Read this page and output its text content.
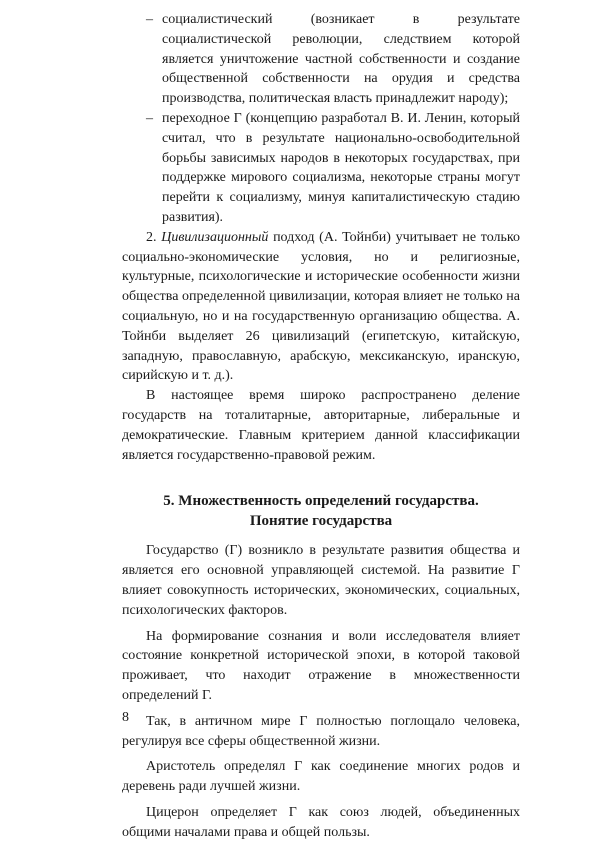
– социалистический (возникает в результате социалистической революции, следствием которой является уничтожение частной собственности и создание общественной собственности на орудия и средства производства, политическая власть принадлежит народу);
– переходное Г (концепцию разработал В. И. Ленин, который считал, что в результате национально-освободительной борьбы зависимых народов в некоторых государствах, при поддержке мирового социализма, некоторые страны могут перейти к социализму, минуя капиталистическую стадию развития).

2. Цивилизационный подход (А. Тойнби) учитывает не только социально-экономические условия, но и религиозные, культурные, психологические и исторические особенности жизни общества определенной цивилизации, которая влияет не только на социальную, но и на государственную организацию общества. А. Тойнби выделяет 26 цивилизаций (египетскую, китайскую, западную, православную, арабскую, мексиканскую, иранскую, сирийскую и т. д.).

В настоящее время широко распространено деление государств на тоталитарные, авторитарные, либеральные и демократические. Главным критерием данной классификации является государственно-правовой режим.

5. Множественность определений государства.
Понятие государства

Государство (Г) возникло в результате развития общества и является его основной управляющей системой. На развитие Г влияет совокупность исторических, экономических, социальных, психологических факторов.

На формирование сознания и воли исследователя влияет состояние конкретной исторической эпохи, в которой таковой проживает, что находит отражение в множественности определений Г.

Так, в античном мире Г полностью поглощало человека, регулируя все сферы общественной жизни.

Аристотель определял Г как соединение многих родов и деревень ради лучшей жизни.

Цицерон определяет Г как союз людей, объединенных общими началами права и общей пользы.

8
